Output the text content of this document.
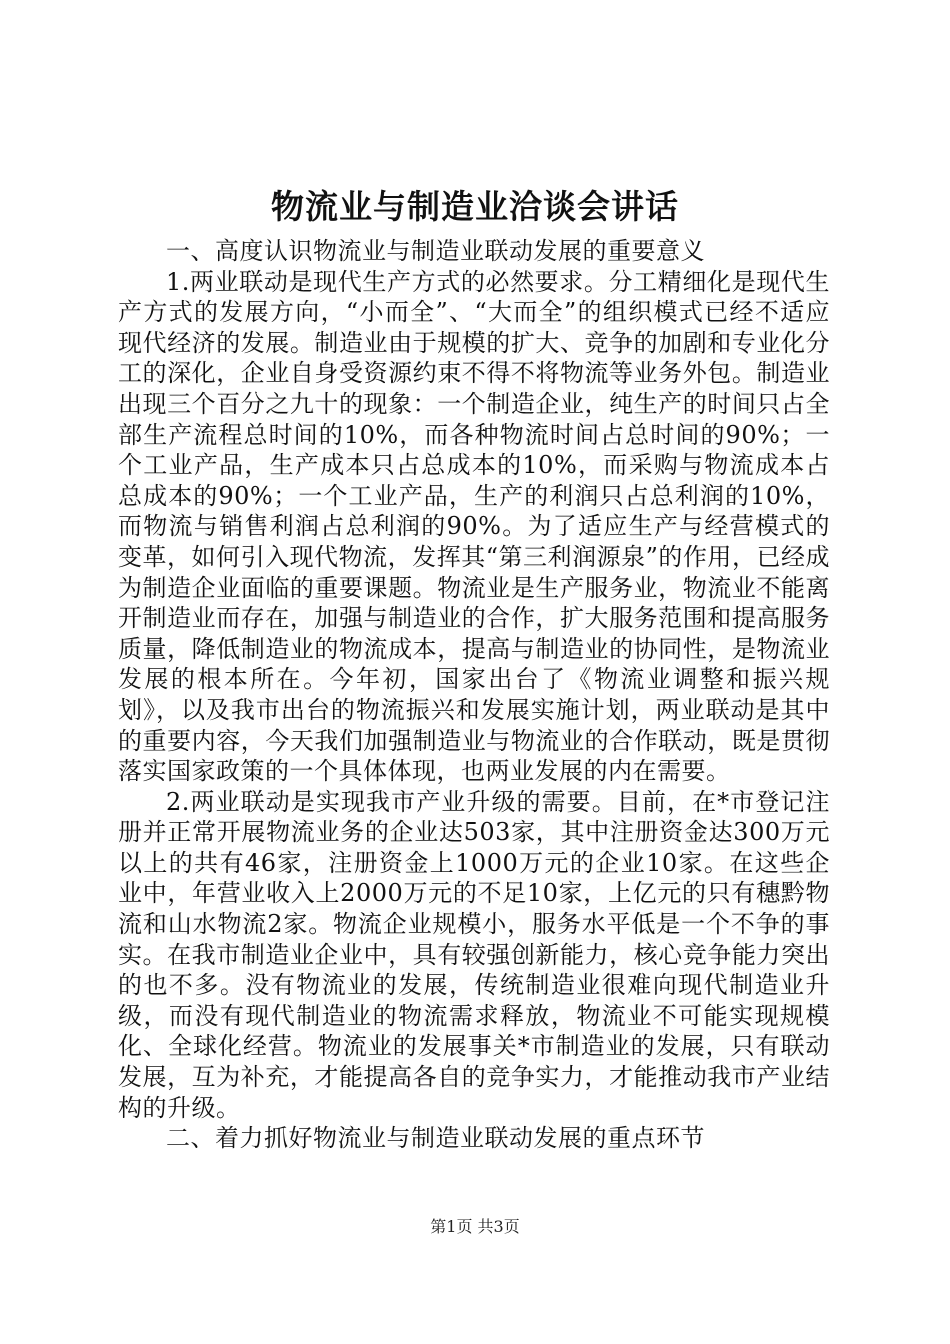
物流业与制造业洽谈会讲话

一、高度认识物流业与制造业联动发展的重要意义

1.两业联动是现代生产方式的必然要求。分工精细化是现代生产方式的发展方向，“小而全”、“大而全”的组织模式已经不适应现代经济的发展。制造业由于规模的扩大、竞争的加剧和专业化分工的深化，企业自身受资源约束不得不将物流等业务外包。制造业出现三个百分之九十的现象：一个制造企业，纯生产的时间只占全部生产流程总时间的10%，而各种物流时间占总时间的90%；一个工业产品，生产成本只占总成本的10%，而采购与物流成本占总成本的90%；一个工业产品，生产的利润只占总利润的10%，而物流与销售利润占总利润的90%。为了适应生产与经营模式的变革，如何引入现代物流，发挥其“第三利润源泉”的作用，已经成为制造企业面临的重要课题。物流业是生产服务业，物流业不能离开制造业而存在，加强与制造业的合作，扩大服务范围和提高服务质量，降低制造业的物流成本，提高与制造业的协同性，是物流业发展的根本所在。今年初，国家出台了《物流业调整和振兴规划》，以及我市出台的物流振兴和发展实施计划，两业联动是其中的重要内容，今天我们加强制造业与物流业的合作联动，既是贯彻落实国家政策的一个具体体现，也两业发展的内在需要。

2.两业联动是实现我市产业升级的需要。目前，在*市登记注册并正常开展物流业务的企业达503家，其中注册资金达300万元以上的共有46家，注册资金上1000万元的企业10家。在这些企业中，年营业收入上2000万元的不足10家，上亿元的只有穗黔物流和山水物流2家。物流企业规模小，服务水平低是一个不争的事实。在我市制造业企业中，具有较强创新能力，核心竞争能力突出的也不多。没有物流业的发展，传统制造业很难向现代制造业升级，而没有现代制造业的物流需求释放，物流业不可能实现规模化、全球化经营。物流业的发展事关*市制造业的发展，只有联动发展，互为补充，才能提高各自的竞争实力，才能推动我市产业结构的升级。

二、着力抓好物流业与制造业联动发展的重点环节

第1页 共3页
